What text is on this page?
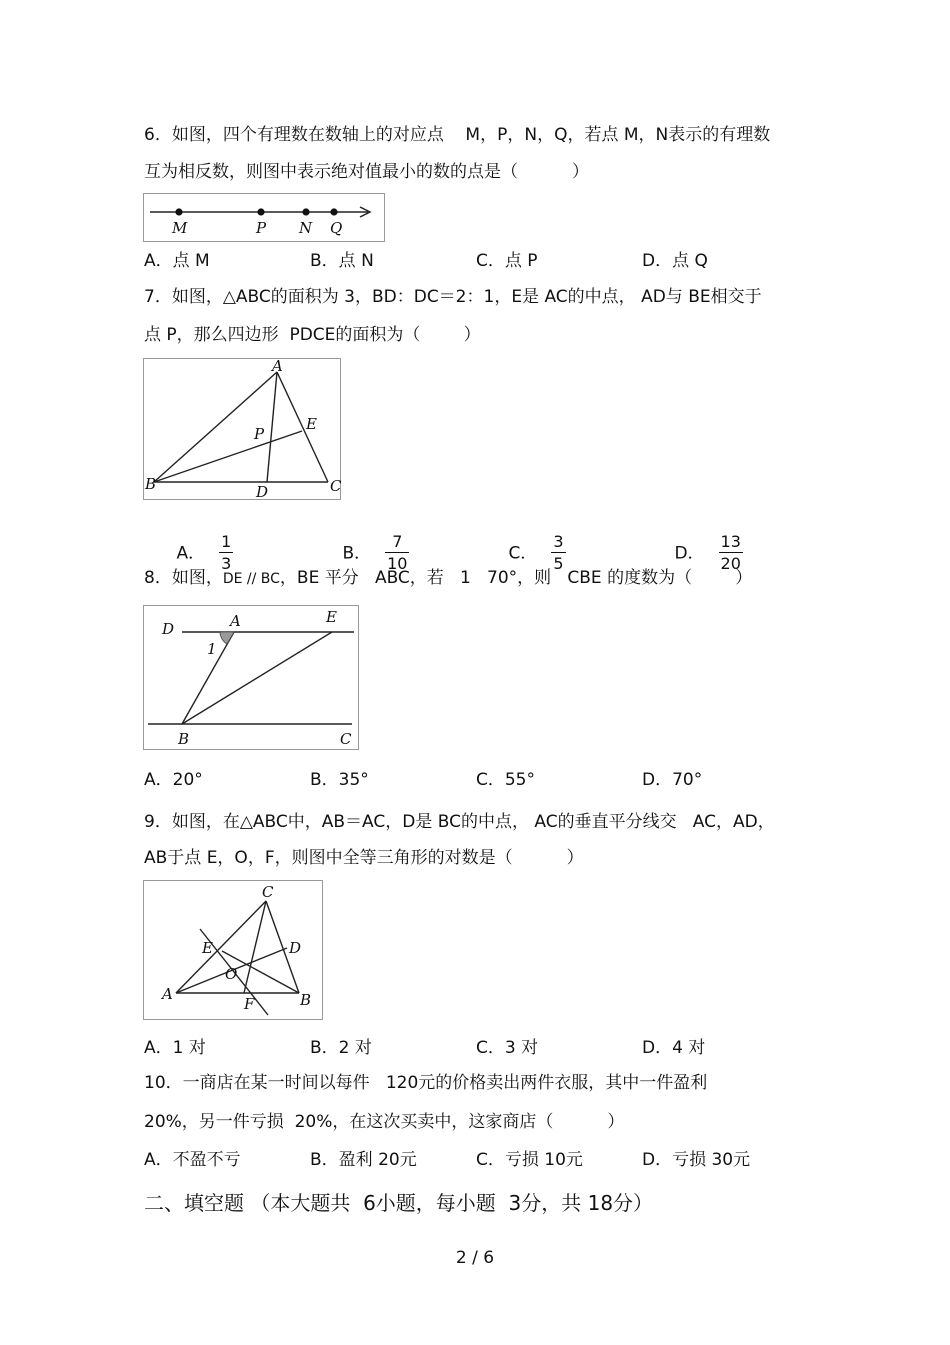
6．如图，四个有理数在数轴上的对应点    M，P，N，Q，若点 M，N表示的有理数
互为相反数，则图中表示绝对值最小的数的点是（          ）
M	P N Q
A．点 M	B．点 N	C．点 P	D．点 Q
7．如图，△ABC的面积为 3，BD：DC＝2：1，E是 AC的中点， AD与 BE相交于
点 P，那么四边形  PDCE的面积为（        ）
A
B	C
D
E
P

A． $\frac{1}{3}$

	B． $\frac{7}{10}$

	C． $\frac{3}{5}$

	D． $\frac{13}{20}$

8．如图，DE // BC，BE 平分   ABC，若   1   70°，则   CBE 的度数为（        ）
D	A	E
1
B	C
A．20°	B．35°	C．55°	D．70°
9．如图，在△ABC中，AB＝AC，D是 BC的中点， AC的垂直平分线交   AC，AD，
AB于点 E，O，F，则图中全等三角形的对数是（          ）
C
A	B
D
E
O
F
A．1 对	B．2 对	C．3 对	D．4 对
10．一商店在某一时间以每件   120元的价格卖出两件衣服，其中一件盈利
20%，另一件亏损  20%，在这次买卖中，这家商店（          ）
A．不盈不亏	B．盈利 20元	C．亏损 10元	D．亏损 30元
二、填空题 （本大题共  6小题，每小题  3分，共 18分）
2 / 6
